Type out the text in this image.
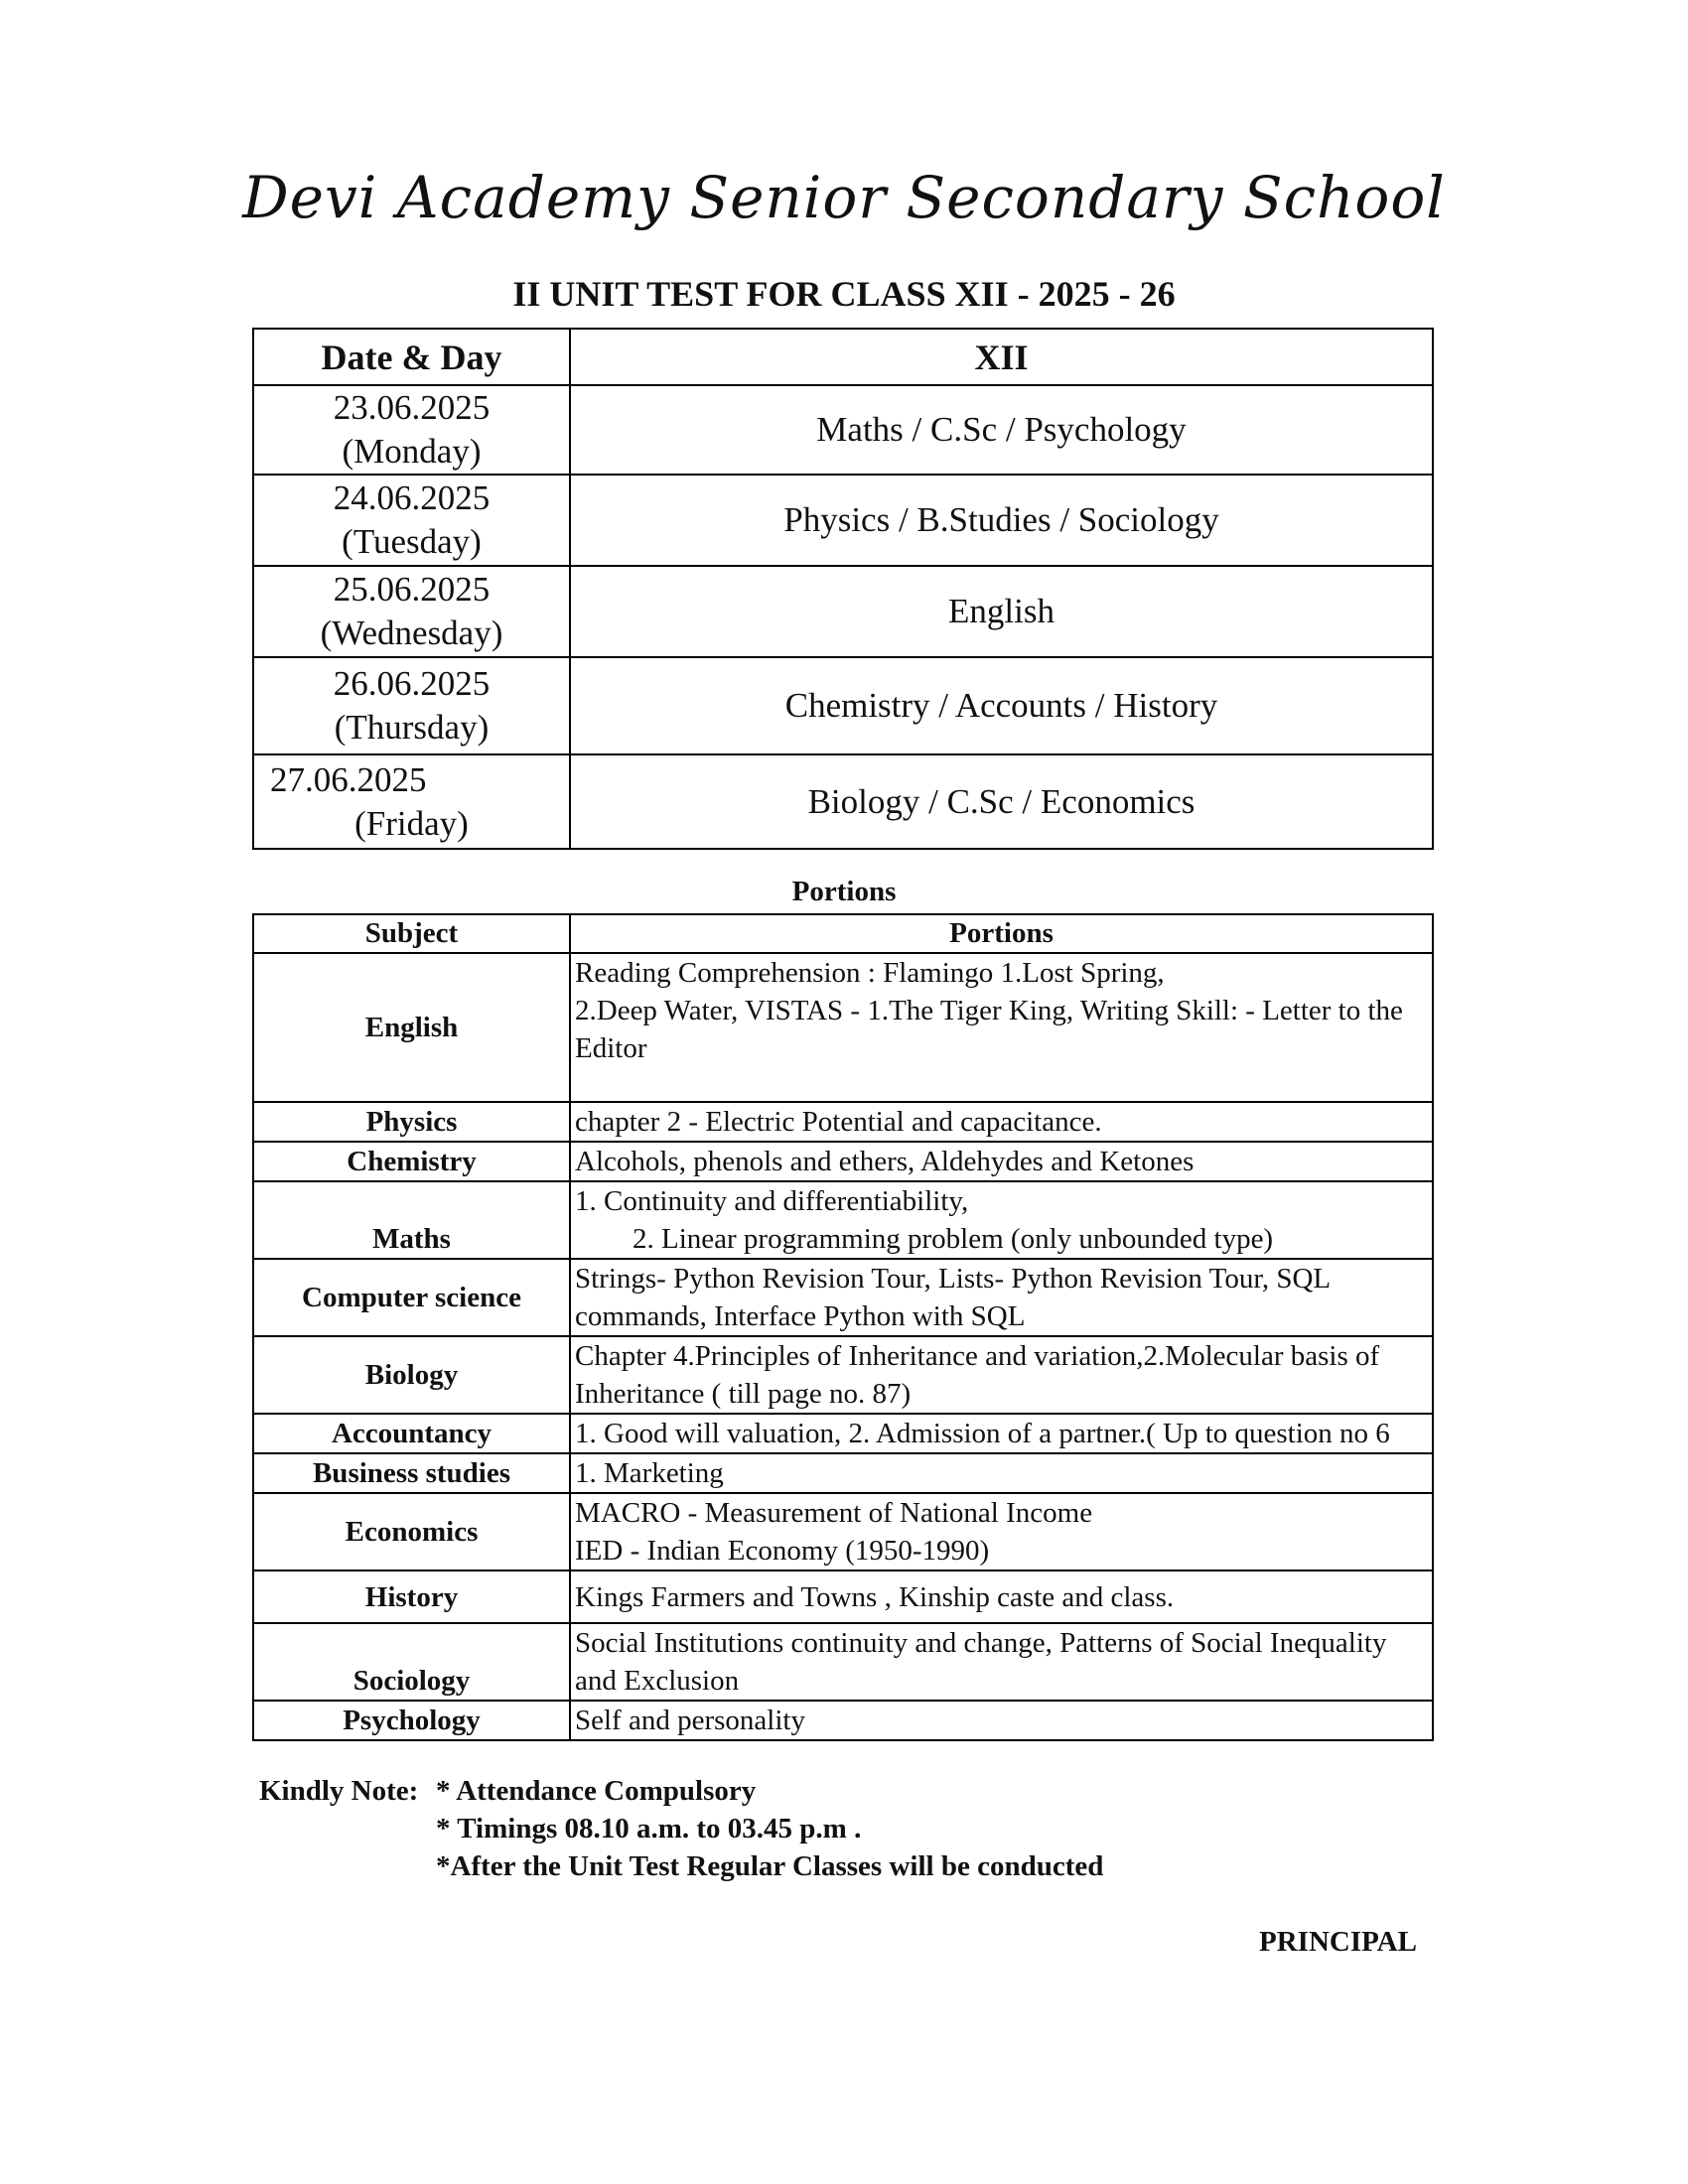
Devi Academy Senior Secondary School
II UNIT TEST FOR CLASS XII - 2025 - 26
Date & Day	XII

23.06.2025
(Monday)	Maths / C.Sc / Psychology

24.06.2025
(Tuesday)	Physics / B.Studies / Sociology

25.06.2025
(Wednesday)	English

26.06.2025
(Thursday)	Chemistry / Accounts / History

27.06.2025
(Friday)	Biology / C.Sc / Economics
Portions
Subject	Portions
English	Reading Comprehension : Flamingo 1.Lost Spring,
2.Deep Water, VISTAS - 1.The Tiger King, Writing Skill: - Letter to the Editor
Physics	chapter 2 - Electric Potential and capacitance.
Chemistry	Alcohols, phenols and ethers, Aldehydes and Ketones
Maths	1. Continuity and differentiability,
2. Linear programming problem (only unbounded type)
Computer science	Strings- Python Revision Tour, Lists- Python Revision Tour, SQL commands, Interface Python with SQL
Biology	Chapter 4.Principles of Inheritance and variation,2.Molecular basis of Inheritance ( till page no. 87)
Accountancy	1. Good will valuation, 2. Admission of a partner.( Up to question no 6
Business studies	1. Marketing
Economics	MACRO - Measurement of National Income
IED - Indian Economy (1950-1990)
History	Kings Farmers and Towns , Kinship caste and class.
Sociology	Social Institutions continuity and change, Patterns of Social Inequality and Exclusion
Psychology	Self and personality
Kindly Note: * Attendance Compulsory
* Timings 08.10 a.m. to 03.45 p.m .
*After the Unit Test Regular Classes will be conducted
PRINCIPAL
